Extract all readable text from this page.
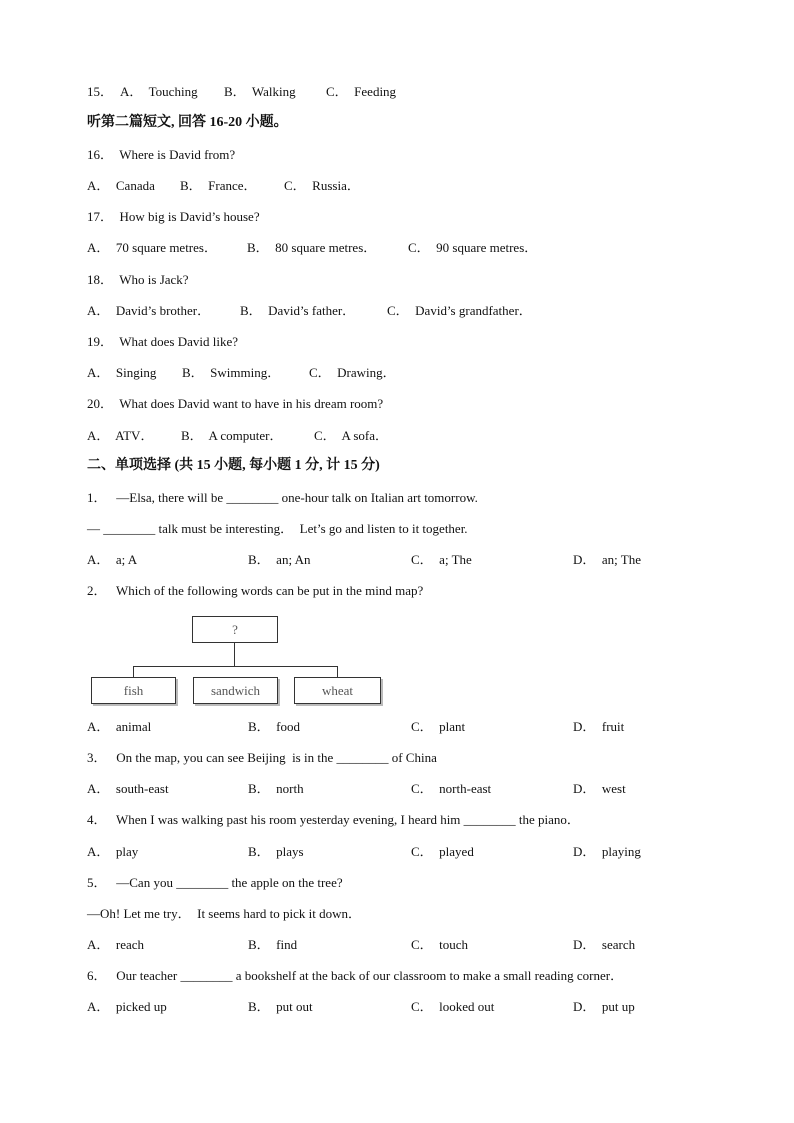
15． A．  Touching B．  Walking C．  Feeding
听第二篇短文, 回答 16-20 小题。
16．  Where is David from?
A．  Canada B．  France． C．  Russia．
17．  How big is David’s house?
A．  70 square metres． B．  80 square metres． C．  90 square metres．
18．  Who is Jack?
A．  David’s brother． B．  David’s father． C．  David’s grandfather．
19．  What does David like?
A．  Singing B．  Swimming． C．  Drawing．
20．  What does David want to have in his dream room?
A．  ATV． B．  A computer． C．  A sofa．
二、单项选择 (共 15 小题, 每小题 1 分, 计 15 分)
1．   —Elsa, there will be ________ one-hour talk on Italian art tomorrow.
— ________ talk must be interesting．  Let’s go and listen to it together.
A．  a; A	B．  an; An	C．  a; The	D．  an; The
2．   Which of the following words can be put in the mind map?
?
fish	sandwich	wheat
A．  animal	B．  food	C．  plant	D．  fruit
3．   On the map, you can see Beijing  is in the ________ of China
A．  south-east	B．  north	C．  north-east	D．  west
4．   When I was walking past his room yesterday evening, I heard him ________ the piano．
A．  play	B．  plays	C．  played	D．  playing
5．   —Can you ________ the apple on the tree?
—Oh! Let me try．  It seems hard to pick it down．
A．  reach	B．  find	C．  touch	D．  search
6．   Our teacher ________ a bookshelf at the back of our classroom to make a small reading corner．
A．  picked up	B．  put out	C．  looked out	D．  put up
